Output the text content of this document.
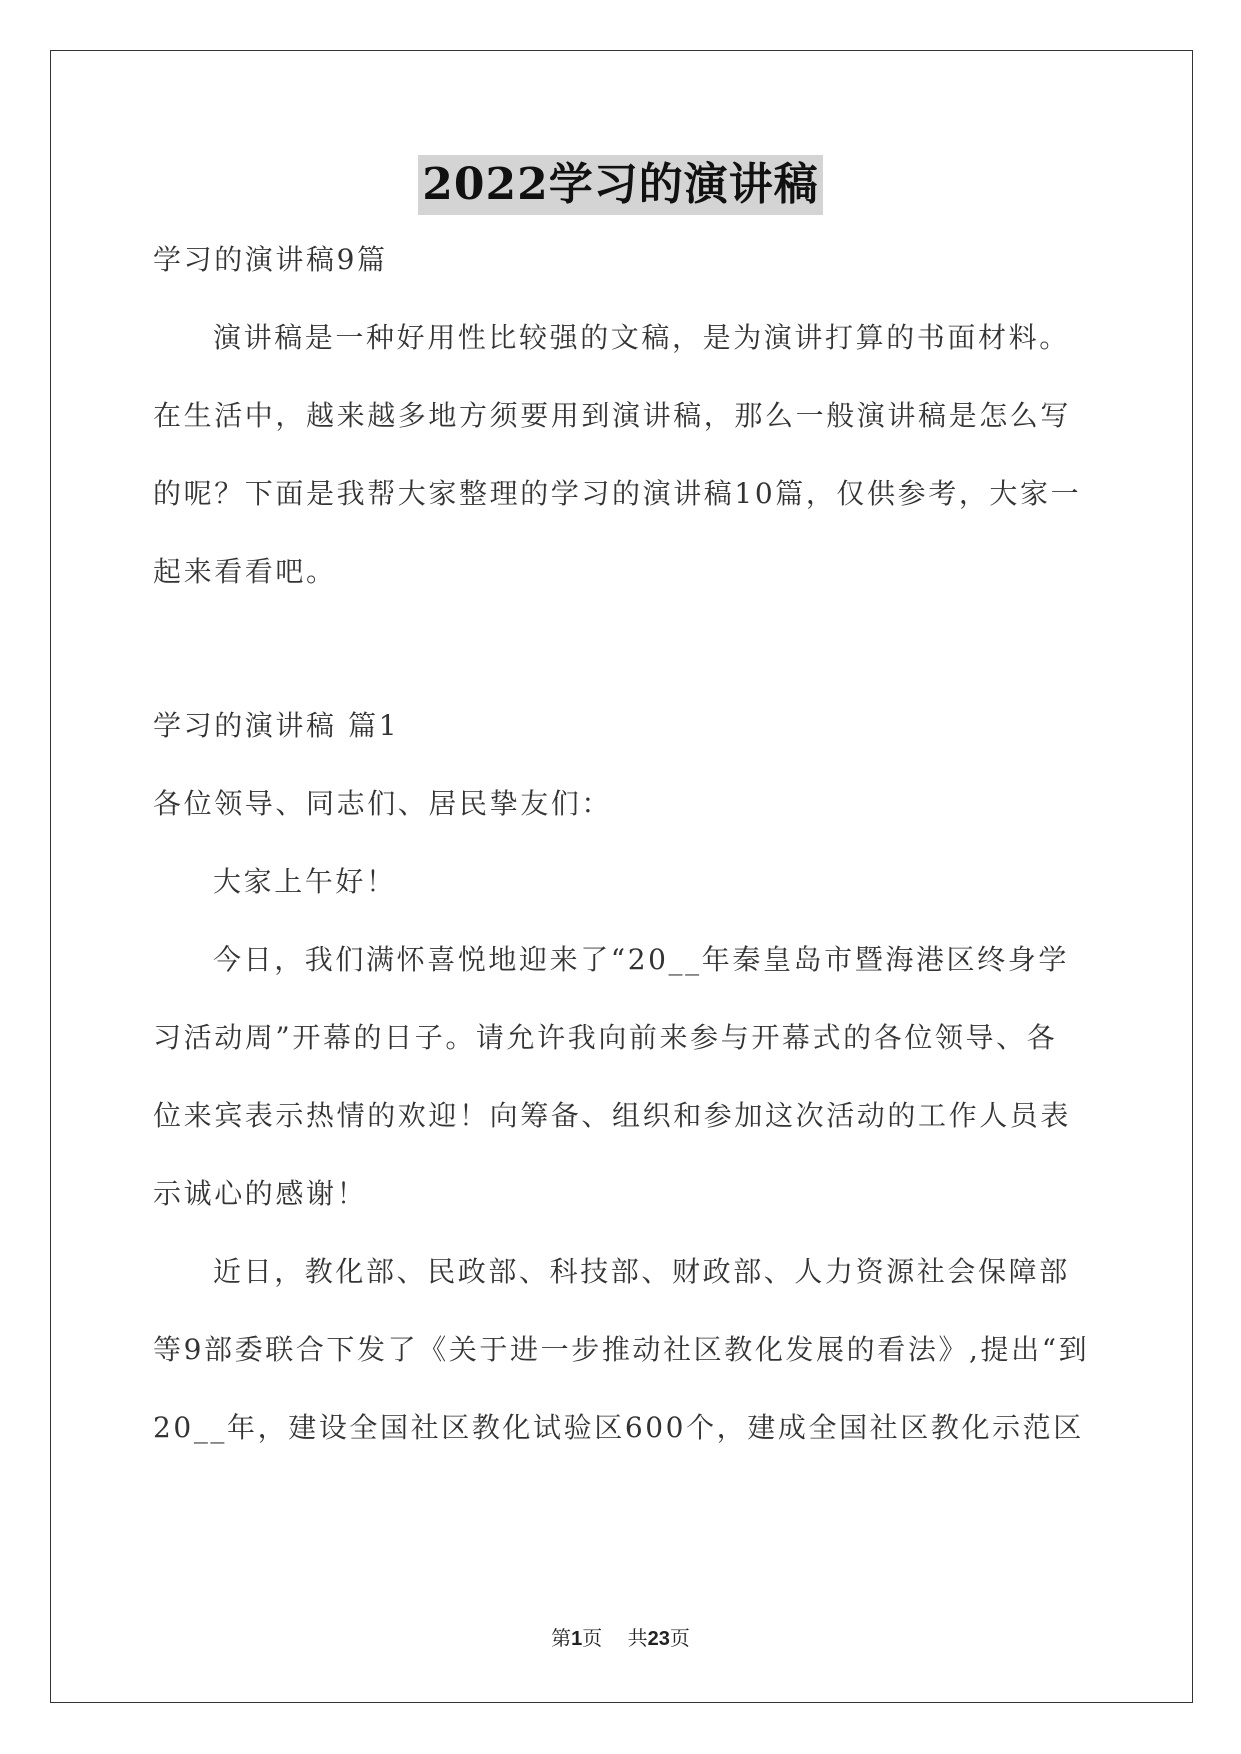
2022学习的演讲稿
学习的演讲稿9篇
演讲稿是一种好用性比较强的文稿，是为演讲打算的书面材料。
在生活中，越来越多地方须要用到演讲稿，那么一般演讲稿是怎么写
的呢？下面是我帮大家整理的学习的演讲稿10篇，仅供参考，大家一
起来看看吧。
学习的演讲稿 篇1
各位领导、同志们、居民挚友们：
大家上午好！
今日，我们满怀喜悦地迎来了“20__年秦皇岛市暨海港区终身学
习活动周”开幕的日子。请允许我向前来参与开幕式的各位领导、各
位来宾表示热情的欢迎！向筹备、组织和参加这次活动的工作人员表
示诚心的感谢！
近日，教化部、民政部、科技部、财政部、人力资源社会保障部
等9部委联合下发了《关于进一步推动社区教化发展的看法》,提出“到
20__年，建设全国社区教化试验区600个，建成全国社区教化示范区
第1页 共23页
